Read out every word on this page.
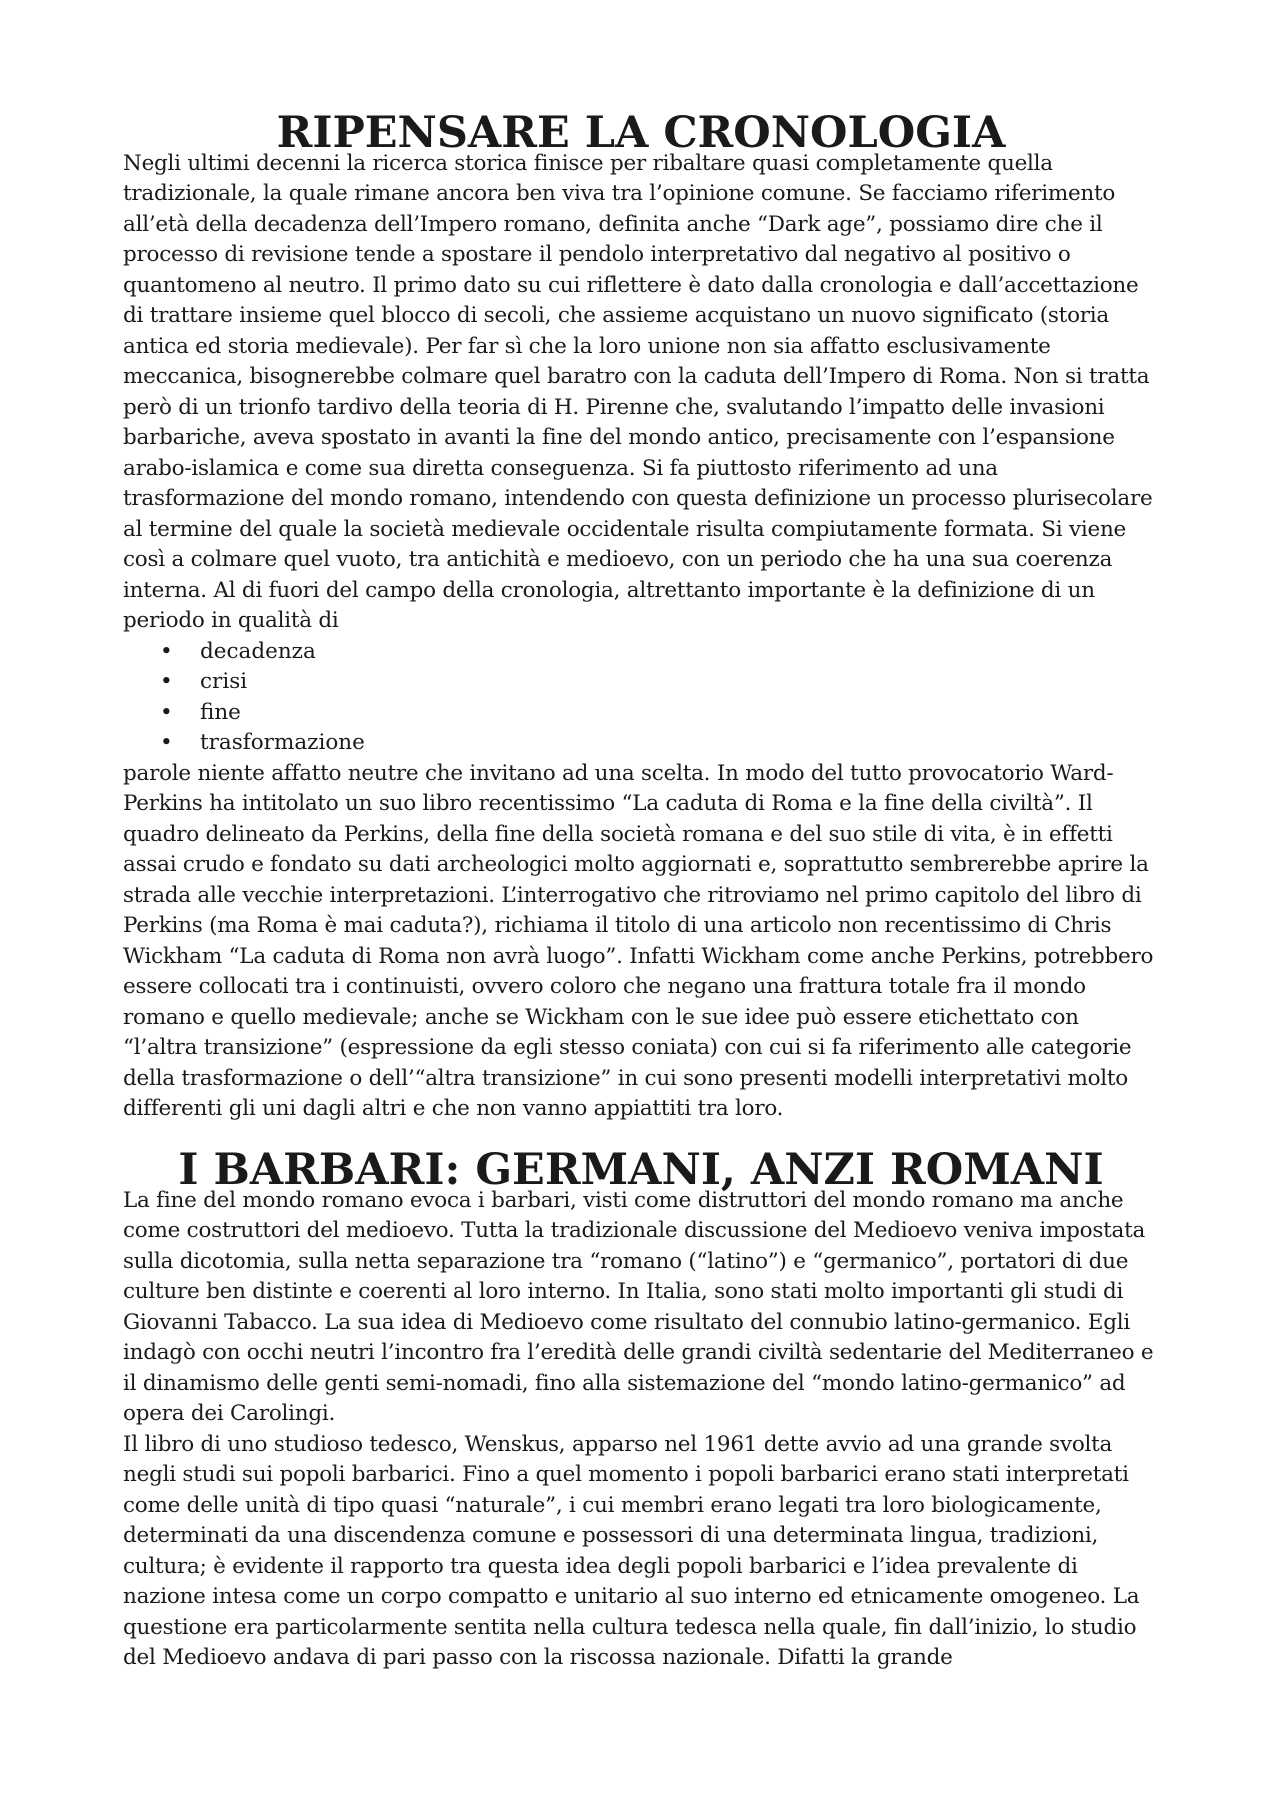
RIPENSARE LA CRONOLOGIA

Negli ultimi decenni la ricerca storica finisce per ribaltare quasi completamente quella tradizionale, la quale rimane ancora ben viva tra l’opinione comune. Se facciamo riferimento all’età della decadenza dell’Impero romano, definita anche “Dark age”, possiamo dire che il processo di revisione tende a spostare il pendolo interpretativo dal negativo al positivo o quantomeno al neutro. Il primo dato su cui riflettere è dato dalla cronologia e dall’accettazione di trattare insieme quel blocco di secoli, che assieme acquistano un nuovo significato (storia antica ed storia medievale). Per far sì che la loro unione non sia affatto esclusivamente meccanica, bisognerebbe colmare quel baratro con la caduta dell’Impero di Roma. Non si tratta però di un trionfo tardivo della teoria di H. Pirenne che, svalutando l’impatto delle invasioni barbariche, aveva spostato in avanti la fine del mondo antico, precisamente con l’espansione arabo-islamica e come sua diretta conseguenza. Si fa piuttosto riferimento ad una trasformazione del mondo romano, intendendo con questa definizione un processo plurisecolare al termine del quale la società medievale occidentale risulta compiutamente formata. Si viene così a colmare quel vuoto, tra antichità e medioevo, con un periodo che ha una sua coerenza interna. Al di fuori del campo della cronologia, altrettanto importante è la definizione di un periodo in qualità di

• decadenza
• crisi
• fine
• trasformazione

parole niente affatto neutre che invitano ad una scelta. In modo del tutto provocatorio Ward-Perkins ha intitolato un suo libro recentissimo “La caduta di Roma e la fine della civiltà”. Il quadro delineato da Perkins, della fine della società romana e del suo stile di vita, è in effetti assai crudo e fondato su dati archeologici molto aggiornati e, soprattutto sembrerebbe aprire la strada alle vecchie interpretazioni. L’interrogativo che ritroviamo nel primo capitolo del libro di Perkins (ma Roma è mai caduta?), richiama il titolo di una articolo non recentissimo di Chris Wickham “La caduta di Roma non avrà luogo”. Infatti Wickham come anche Perkins, potrebbero essere collocati tra i continuisti, ovvero coloro che negano una frattura totale fra il mondo romano e quello medievale; anche se Wickham con le sue idee può essere etichettato con “l’altra transizione” (espressione da egli stesso coniata) con cui si fa riferimento alle categorie della trasformazione o dell’“altra transizione” in cui sono presenti modelli interpretativi molto differenti gli uni dagli altri e che non vanno appiattiti tra loro.

I BARBARI: GERMANI, ANZI ROMANI

La fine del mondo romano evoca i barbari, visti come distruttori del mondo romano ma anche come costruttori del medioevo. Tutta la tradizionale discussione del Medioevo veniva impostata sulla dicotomia, sulla netta separazione tra “romano (“latino”) e “germanico”, portatori di due culture ben distinte e coerenti al loro interno. In Italia, sono stati molto importanti gli studi di Giovanni Tabacco. La sua idea di Medioevo come risultato del connubio latino-germanico. Egli indagò con occhi neutri l’incontro fra l’eredità delle grandi civiltà sedentarie del Mediterraneo e il dinamismo delle genti semi-nomadi, fino alla sistemazione del “mondo latino-germanico” ad opera dei Carolingi.

Il libro di uno studioso tedesco, Wenskus, apparso nel 1961 dette avvio ad una grande svolta negli studi sui popoli barbarici. Fino a quel momento i popoli barbarici erano stati interpretati come delle unità di tipo quasi “naturale”, i cui membri erano legati tra loro biologicamente, determinati da una discendenza comune e possessori di una determinata lingua, tradizioni, cultura; è evidente il rapporto tra questa idea degli popoli barbarici e l’idea prevalente di nazione intesa come un corpo compatto e unitario al suo interno ed etnicamente omogeneo. La questione era particolarmente sentita nella cultura tedesca nella quale, fin dall’inizio, lo studio del Medioevo andava di pari passo con la riscossa nazionale. Difatti la grande
